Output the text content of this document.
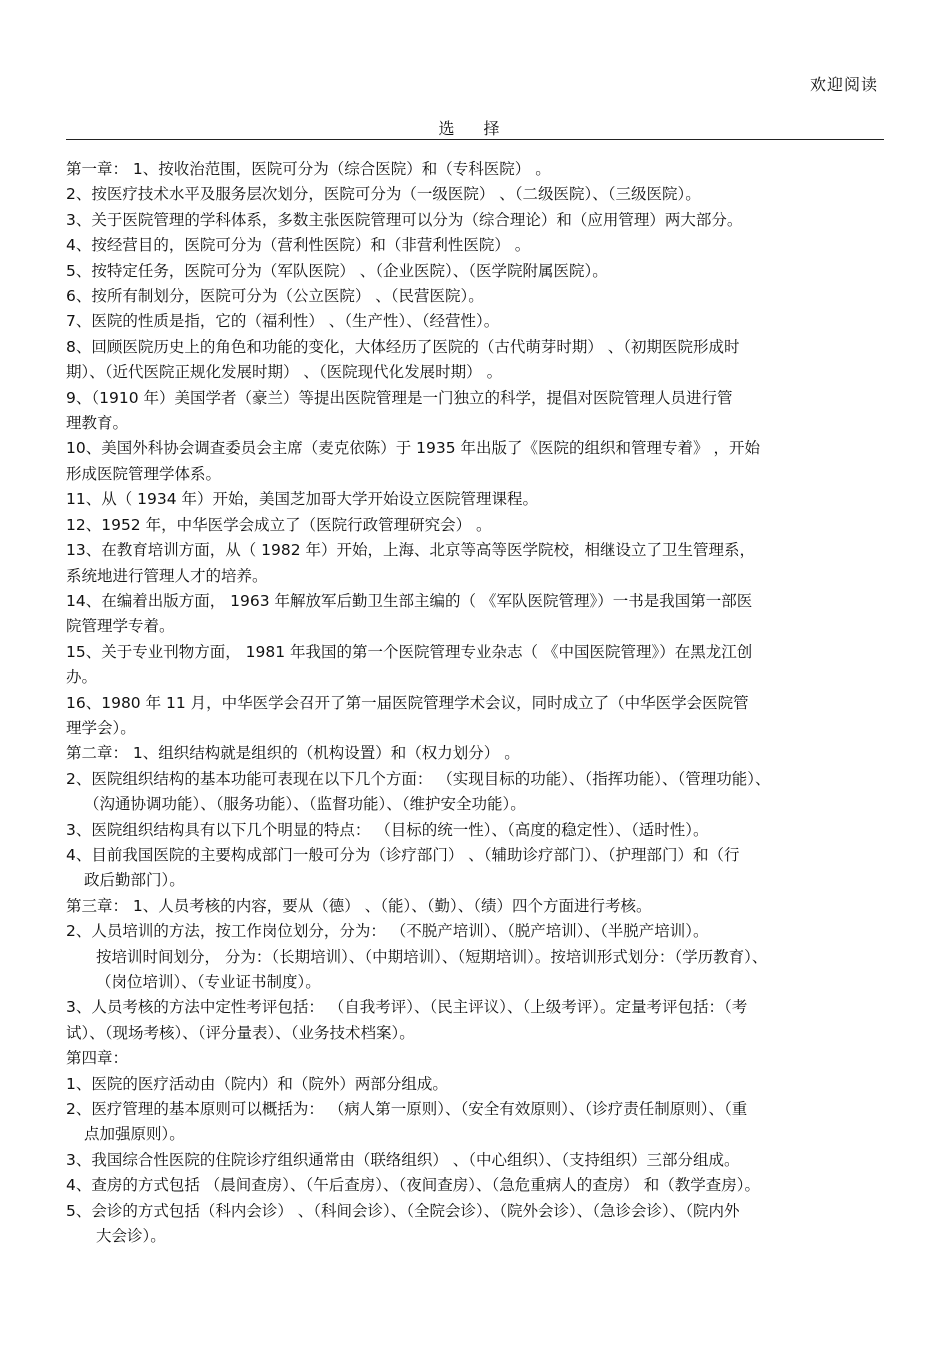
欢迎阅读
选 择
第一章： 1、按收治范围，医院可分为（综合医院）和（专科医院） 。
2、按医疗技术水平及服务层次划分，医院可分为（一级医院） 、（二级医院）、（三级医院）。
3、关于医院管理的学科体系，多数主张医院管理可以分为（综合理论）和（应用管理）两大部分。
4、按经营目的，医院可分为（营利性医院）和（非营利性医院） 。
5、按特定任务，医院可分为（军队医院） 、（企业医院）、（医学院附属医院）。
6、按所有制划分，医院可分为（公立医院） 、（民营医院）。
7、医院的性质是指，它的（福利性） 、（生产性）、（经营性）。
8、回顾医院历史上的角色和功能的变化，大体经历了医院的（古代萌芽时期） 、（初期医院形成时
期）、（近代医院正规化发展时期） 、（医院现代化发展时期） 。
9、（1910 年）美国学者（豪兰）等提出医院管理是一门独立的科学，提倡对医院管理人员进行管
理教育。
10、美国外科协会调查委员会主席（麦克依陈）于 1935 年出版了《医院的组织和管理专着》 ，开始
形成医院管理学体系。
11、从（ 1934 年）开始，美国芝加哥大学开始设立医院管理课程。
12、1952 年，中华医学会成立了（医院行政管理研究会） 。
13、在教育培训方面，从（ 1982 年）开始，上海、北京等高等医学院校，相继设立了卫生管理系，
系统地进行管理人才的培养。
14、在编着出版方面， 1963 年解放军后勤卫生部主编的（ 《军队医院管理》）一书是我国第一部医
院管理学专着。
15、关于专业刊物方面， 1981 年我国的第一个医院管理专业杂志（ 《中国医院管理》）在黑龙江创
办。
16、1980 年 11 月，中华医学会召开了第一届医院管理学术会议，同时成立了（中华医学会医院管
理学会）。
第二章： 1、组织结构就是组织的（机构设置）和（权力划分） 。
2、医院组织结构的基本功能可表现在以下几个方面： （实现目标的功能）、（指挥功能）、（管理功能）、
（沟通协调功能）、（服务功能）、（监督功能）、（维护安全功能）。
3、医院组织结构具有以下几个明显的特点： （目标的统一性）、（高度的稳定性）、（适时性）。
4、目前我国医院的主要构成部门一般可分为（诊疗部门） 、（辅助诊疗部门）、（护理部门）和（行
政后勤部门）。
第三章： 1、人员考核的内容，要从（德） 、（能）、（勤）、（绩）四个方面进行考核。
2、人员培训的方法，按工作岗位划分，分为： （不脱产培训）、（脱产培训）、（半脱产培训）。
按培训时间划分， 分为：（长期培训）、（中期培训）、（短期培训）。按培训形式划分：（学历教育）、
（岗位培训）、（专业证书制度）。
3、人员考核的方法中定性考评包括： （自我考评）、（民主评议）、（上级考评）。定量考评包括：（考
试）、（现场考核）、（评分量表）、（业务技术档案）。
第四章：
1、医院的医疗活动由（院内）和（院外）两部分组成。
2、医疗管理的基本原则可以概括为： （病人第一原则）、（安全有效原则）、（诊疗责任制原则）、（重
点加强原则）。
3、我国综合性医院的住院诊疗组织通常由（联络组织） 、（中心组织）、（支持组织）三部分组成。
4、查房的方式包括 （晨间查房）、（午后查房）、（夜间查房）、（急危重病人的查房） 和（教学查房）。
5、会诊的方式包括（科内会诊） 、（科间会诊）、（全院会诊）、（院外会诊）、（急诊会诊）、（院内外
大会诊）。
